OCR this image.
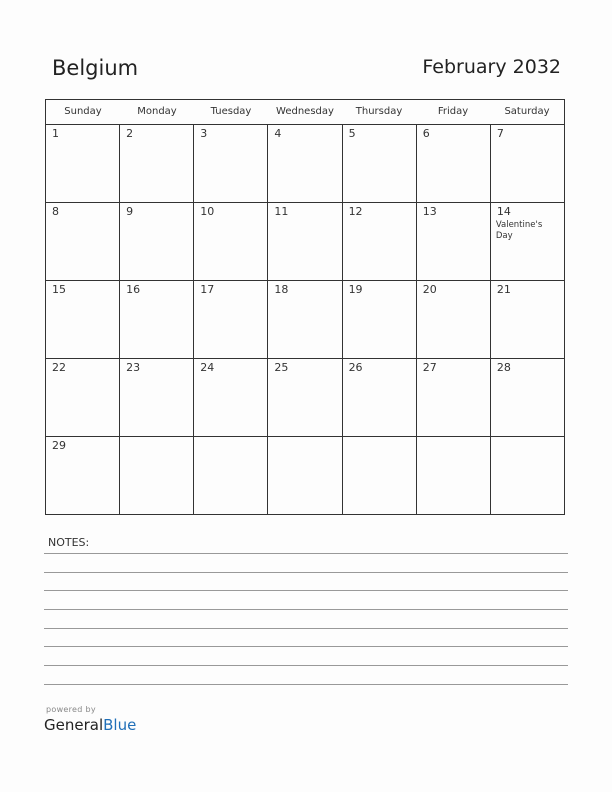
Belgium	February 2032
Sunday	Monday	Tuesday	Wednesday	Thursday	Friday	Saturday
1	2	3	4	5	6	7
8	9	10	11	12	13	14
Valentine's Day
15	16	17	18	19	20	21
22	23	24	25	26	27	28
29
NOTES:
powered by
GeneralBlue
